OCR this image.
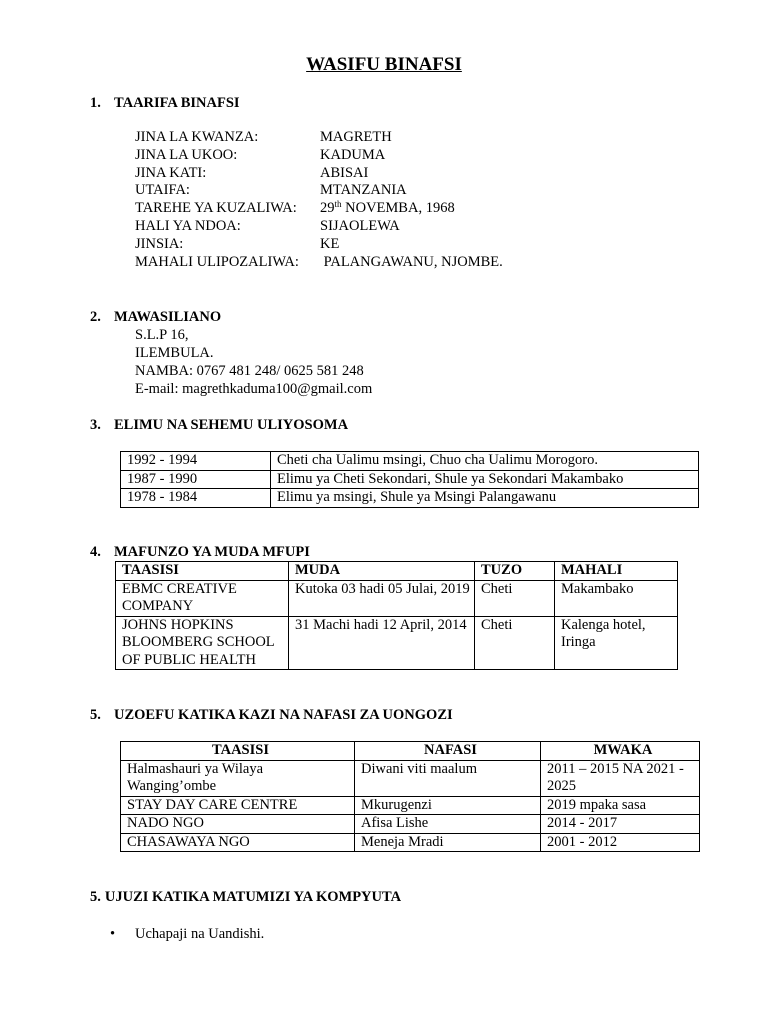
WASIFU BINAFSI
1. TAARIFA BINAFSI
JINA LA KWANZA:	MAGRETH
JINA LA UKOO:	KADUMA
JINA KATI:	ABISAI
UTAIFA:	MTANZANIA
TAREHE YA KUZALIWA:	29th NOVEMBA, 1968
HALI YA NDOA:	SIJAOLEWA
JINSIA:	KE
MAHALI ULIPOZALIWA:	PALANGAWANU, NJOMBE.
2. MAWASILIANO
S.L.P 16,
ILEMBULA.
NAMBA: 0767 481 248/ 0625 581 248
E-mail: magrethkaduma100@gmail.com
3. ELIMU NA SEHEMU ULIYOSOMA
1992 - 1994	Cheti cha Ualimu msingi, Chuo cha Ualimu Morogoro.
1987 - 1990	Elimu ya Cheti Sekondari, Shule ya Sekondari Makambako
1978 - 1984	Elimu ya msingi, Shule ya Msingi Palangawanu
4. MAFUNZO YA MUDA MFUPI
TAASISI	MUDA	TUZO	MAHALI
EBMC CREATIVE COMPANY	Kutoka 03 hadi 05 Julai, 2019	Cheti	Makambako
JOHNS HOPKINS BLOOMBERG SCHOOL OF PUBLIC HEALTH	31 Machi hadi 12 April, 2014	Cheti	Kalenga hotel, Iringa
5. UZOEFU KATIKA KAZI NA NAFASI ZA UONGOZI
TAASISI	NAFASI	MWAKA
Halmashauri ya Wilaya Wanging’ombe	Diwani viti maalum	2011 – 2015 NA 2021 - 2025
STAY DAY CARE CENTRE	Mkurugenzi	2019 mpaka sasa
NADO NGO	Afisa Lishe	2014 - 2017
CHASAWAYA NGO	Meneja Mradi	2001 - 2012
5. UJUZI KATIKA MATUMIZI YA KOMPYUTA
• Uchapaji na Uandishi.
